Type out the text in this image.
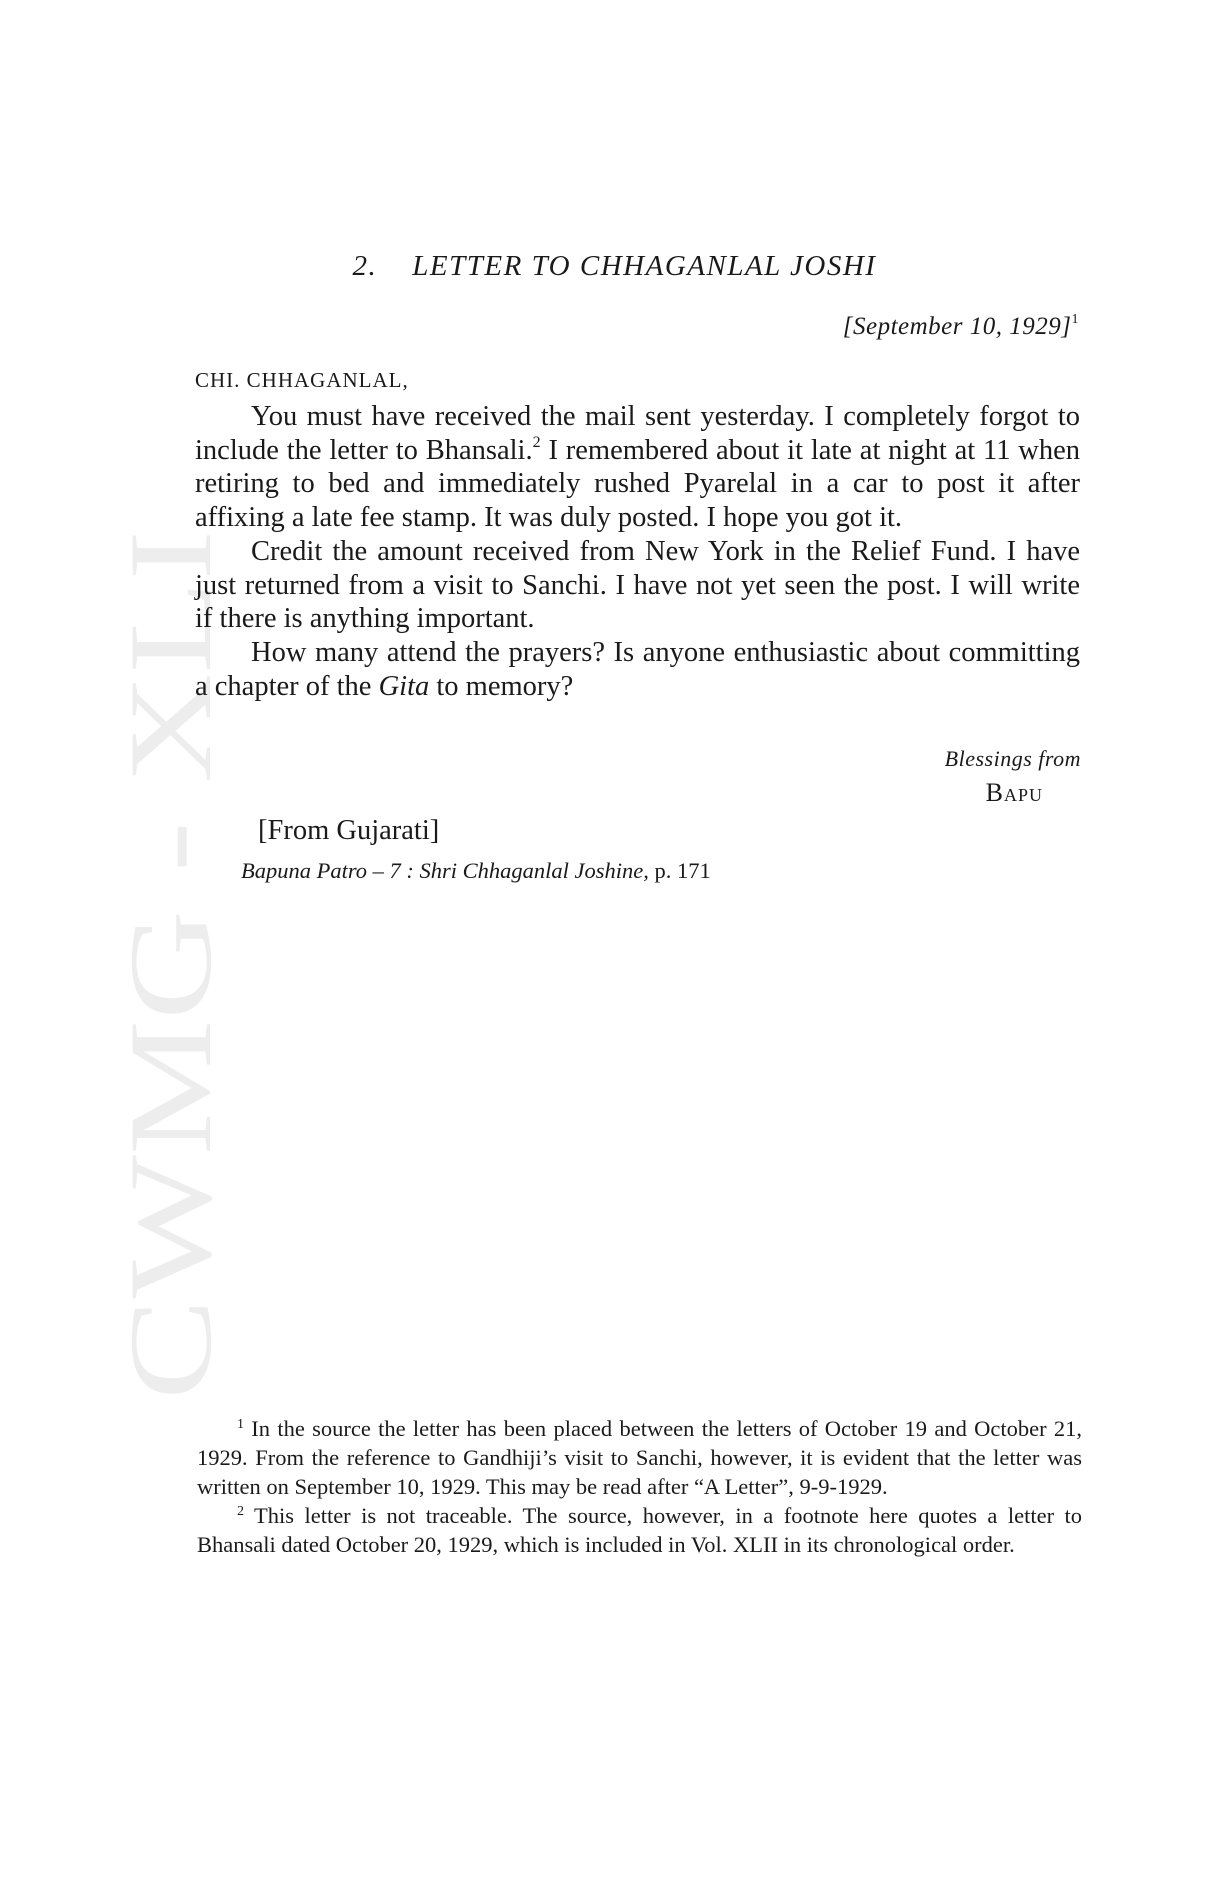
CWMG - XLI
2. LETTER TO CHHAGANLAL JOSHI
[September 10, 1929]$^1$
CHI. CHHAGANLAL,

You must have received the mail sent yesterday. I completely forgot to include the letter to Bhansali.$^2$ I remembered about it late at night at 11 when retiring to bed and immediately rushed Pyarelal in a car to post it after affixing a late fee stamp. It was duly posted. I hope you got it.

Credit the amount received from New York in the Relief Fund. I have just returned from a visit to Sanchi. I have not yet seen the post. I will write if there is anything important.

How many attend the prayers? Is anyone enthusiastic about committing a chapter of the Gita to memory?

Blessings from
Bapu
[From Gujarati]
Bapuna Patro – 7 : Shri Chhaganlal Joshine, p. 171

$^1$ In the source the letter has been placed between the letters of October 19 and October 21, 1929. From the reference to Gandhiji’s visit to Sanchi, however, it is evident that the letter was written on September 10, 1929. This may be read after “A Letter”, 9-9-1929.

$^2$ This letter is not traceable. The source, however, in a footnote here quotes a letter to Bhansali dated October 20, 1929, which is included in Vol. XLII in its chronological order.
